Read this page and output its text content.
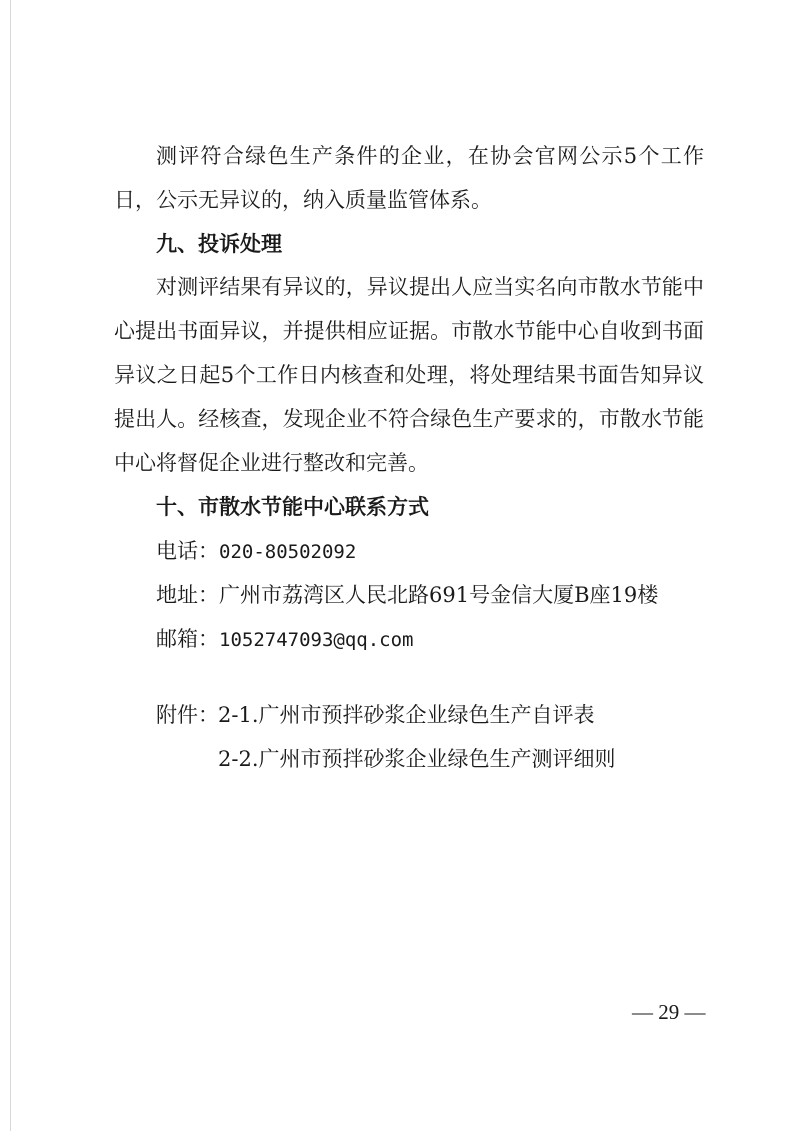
测评符合绿色生产条件的企业，在协会官网公示5个工作
日，公示无异议的，纳入质量监管体系。
九、投诉处理
对测评结果有异议的，异议提出人应当实名向市散水节能中
心提出书面异议，并提供相应证据。市散水节能中心自收到书面
异议之日起5个工作日内核查和处理，将处理结果书面告知异议
提出人。经核查，发现企业不符合绿色生产要求的，市散水节能
中心将督促企业进行整改和完善。
十、市散水节能中心联系方式
电话：020-80502092
地址：广州市荔湾区人民北路691号金信大厦B座19楼
邮箱：1052747093@qq.com
附件： 2-1.广州市预拌砂浆企业绿色生产自评表
2-2.广州市预拌砂浆企业绿色生产测评细则
— 29 —
